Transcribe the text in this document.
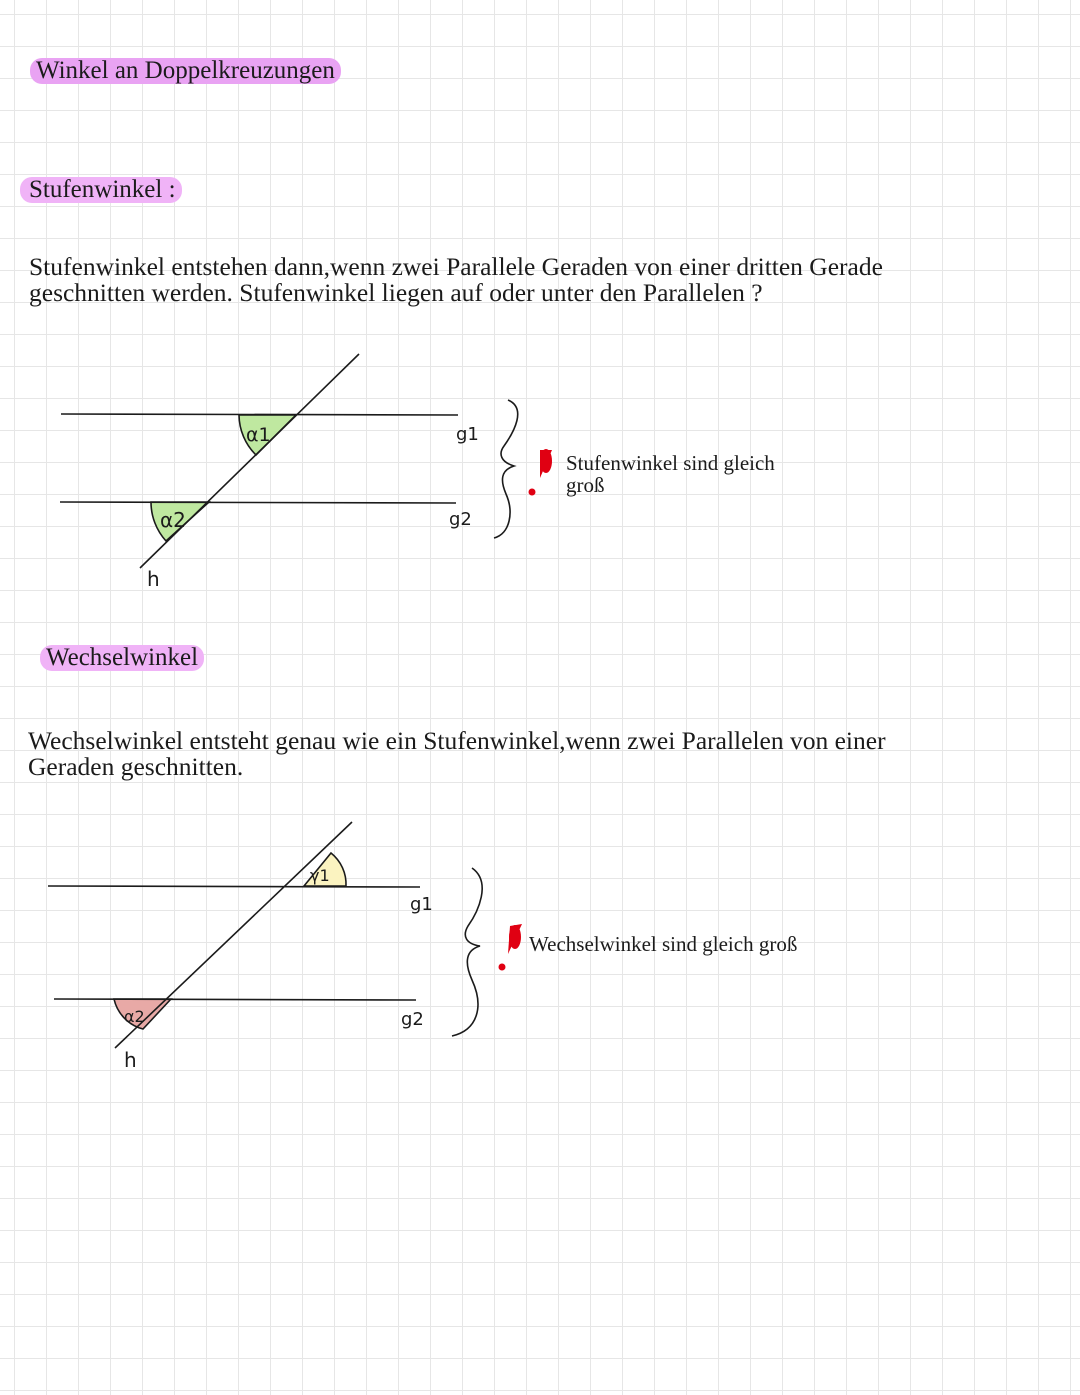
Winkel an Doppelkreuzungen
Stufenwinkel :

Stufenwinkel entstehen dann,wenn zwei Parallele Geraden von einer dritten Gerade

geschnitten werden. Stufenwinkel liegen auf oder unter den Parallelen ?

α1
α2
g1
g2
h

Stufenwinkel sind gleich

groß

Wechselwinkel

Wechselwinkel entsteht genau wie ein Stufenwinkel,wenn zwei Parallelen von einer

Geraden geschnitten.

γ1
α2
g1
g2
h

Wechselwinkel sind gleich groß
